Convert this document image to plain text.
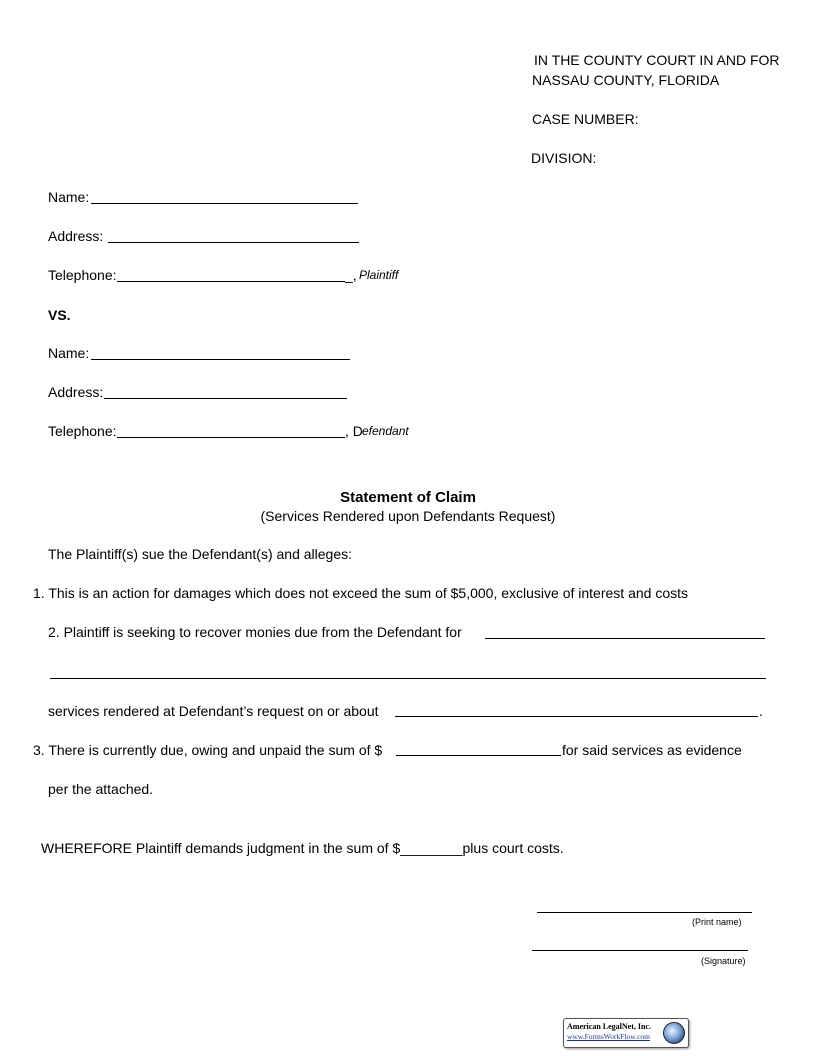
IN THE COUNTY COURT IN AND FOR
NASSAU COUNTY, FLORIDA
CASE NUMBER:
DIVISION:
Name:
Address:
Telephone:	_, Plaintiff
VS.
Name:
Address:
Telephone:	, D efendant
Statement of Claim
(Services Rendered upon Defendants Request)
The Plaintiff(s) sue the Defendant(s) and alleges:
1. This is an action for damages which does not exceed the sum of $5,000, exclusive of interest and costs
2. Plaintiff is seeking to recover monies due from the Defendant for
services rendered at Defendant’s request on or about	.
3. There is currently due, owing and unpaid the sum of $	for said services as evidence
per the attached.
WHEREFORE Plaintiff demands judgment in the sum of $________plus court costs.
(Print name)
(Signature)
American LegalNet, Inc.
www.FormsWorkFlow.com
